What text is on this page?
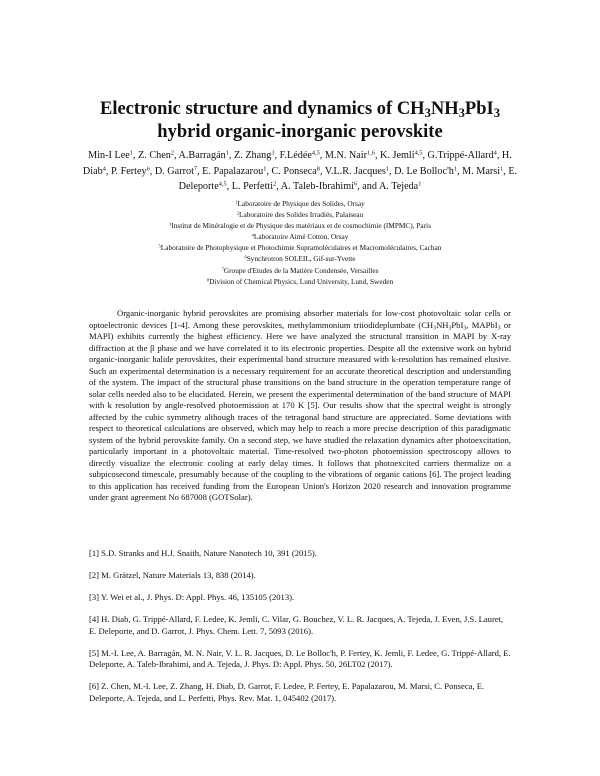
Electronic structure and dynamics of $CH_3NH_3PbI_3$
hybrid organic-inorganic perovskite
Min-I Lee$^1$, Z. Chen$^2$, A.Barragán$^1$, Z. Zhang$^3$, F.Lédée$^{4,5}$, M.N. Nair$^{1,6}$, K. Jemli$^{4,5}$, G.Trippé-Allard$^4$, H. Diab$^4$, P. Fertey$^6$, D. Garrot$^7$, E. Papalazarou$^1$, C. Ponseca$^8$, V.L.R. Jacques$^1$, D. Le $Bolloc'h^1$, M. Marsi$^1$, E. Deleporte$^{4,5}$, L. Perfetti$^2$, A. Taleb-Ibrahimi$^6$, and A. Tejeda$^1$
$^1$Laboratoire de Physique des Solides, Orsay
$^2$Laboratoire des Solides Irradiés, Palaiseau
$^3$Institut de Minéralogie et de Physique des matériaux et de cosmochimie (IMPMC), Paris
$^4$Laboratoire Aimé Cotton, Orsay
$^5$Laboratoire de Photophysique et Photochimie Supramoléculaires et Macromoléculaires, Cachan
$^6$Synchrotron SOLEIL, Gif-sur-Yvette
$^7$Groupe d'Etudes de la Matière Condensée, Versailles
$^8$Division of Chemical Physics, Lund University, Lund, Sweden

Organic-inorganic hybrid perovskites are promising absorber materials for low-cost photovoltaic solar cells or optoelectronic devices [1-4]. Among these perovskites, methylammonium triiodideplumbate ($CH_3NH_3PbI_3$, MAPbI$_3$ or MAPI) exhibits currently the highest efficiency. Here we have analyzed the structural transition in MAPI by X-ray diffraction at the β phase and we have correlated it to its electronic properties. Despite all the extensive work on hybrid organic-inorganic halide perovskites, their experimental band structure measured with k-resolution has remained elusive. Such an experimental determination is a necessary requirement for an accurate theoretical description and understanding of the system. The impact of the structural phase transitions on the band structure in the operation temperature range of solar cells needed also to be elucidated. Herein, we present the experimental determination of the band structure of MAPI with k resolution by angle-resolved photoemission at 170 K [5]. Our results show that the spectral weight is strongly affected by the cubic symmetry although traces of the tetragonal band structure are appreciated. Some deviations with respect to theoretical calculations are observed, which may help to reach a more precise description of this paradigmatic system of the hybrid perovskite family. On a second step, we have studied the relaxation dynamics after photoexcitation, particularly important in a photovoltaic material. Time-resolved two-photon photoemission spectroscopy allows to directly visualize the electronic cooling at early delay times. It follows that photoexcited carriers thermalize on a subpicosecond timescale, presumably because of the coupling to the vibrations of organic cations [6]. The project leading to this application has received funding from the European Union's Horizon 2020 research and innovation programme under grant agreement No 687008 (GOTSolar).

[1] S.D. Stranks and H.J. Snaith, Nature Nanotech 10, 391 (2015).

[2] M. Grätzel, Nature Materials 13, 838 (2014).

[3] Y. Wei et al., J. Phys. D: Appl. Phys. 46, 135105 (2013).

[4] H. Diab, G. Trippé-Allard, F. Ledee, K. Jemli, C. Vilar, G. Bouchez, V. L. R. Jacques, A. Tejeda, J. Even, J.S. Lauret, E. Deleporte, and D. Garrot, J. Phys. Chem. Lett. 7, 5093 (2016).

[5] M.-I. Lee, A. Barragán, M. N. Nair, V. L. R. Jacques, D. Le Bolloc'h, P. Fertey, K. Jemli, F. Ledee, G. Trippé-Allard, E. Deleporte, A. Taleb-Ibrahimi, and A. Tejeda, J. Phys. D: Appl. Phys. 50, 26LT02 (2017).

[6] Z. Chen, M.-I. Lee, Z. Zhang, H. Diab, D. Garrot, F. Ledee, P. Fertey, E. Papalazarou, M. Marsi, C. Ponseca, E. Deleporte, A. Tejeda, and L. Perfetti, Phys. Rev. Mat. 1, 045402 (2017).
